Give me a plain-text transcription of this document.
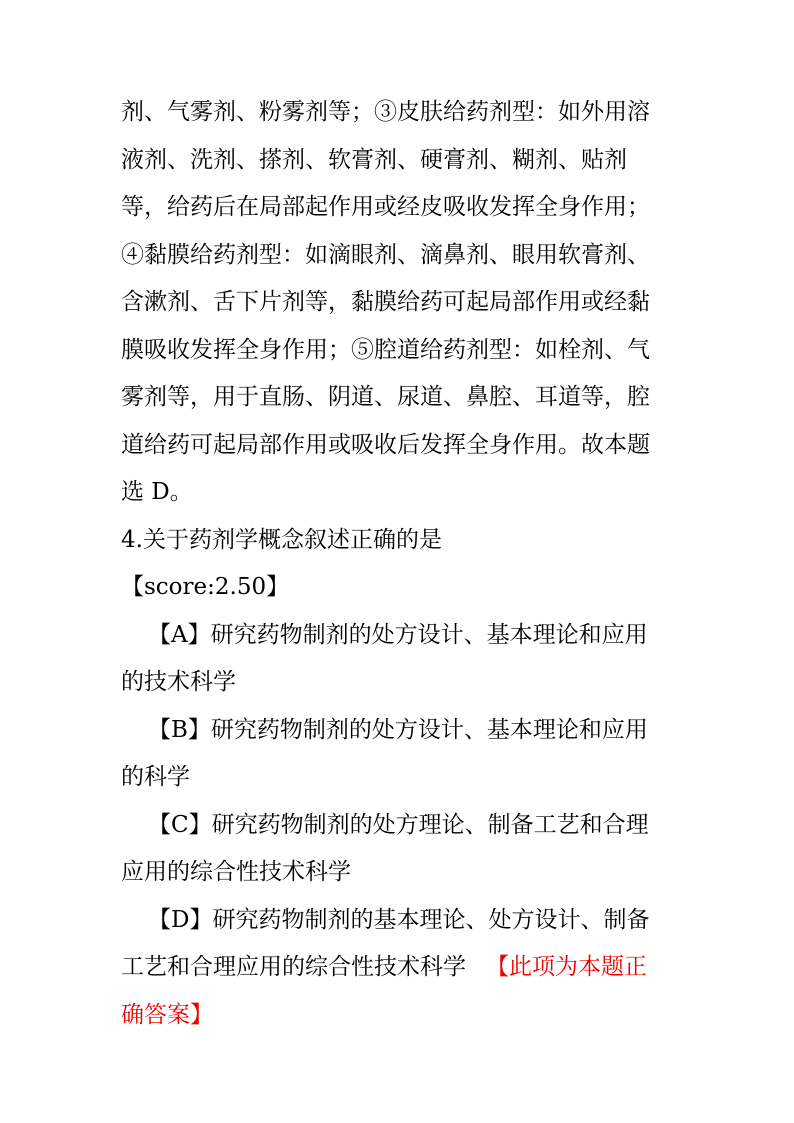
剂、气雾剂、粉雾剂等；③皮肤给药剂型：如外用溶
液剂、洗剂、搽剂、软膏剂、硬膏剂、糊剂、贴剂
等，给药后在局部起作用或经皮吸收发挥全身作用；
④黏膜给药剂型：如滴眼剂、滴鼻剂、眼用软膏剂、
含漱剂、舌下片剂等，黏膜给药可起局部作用或经黏
膜吸收发挥全身作用；⑤腔道给药剂型：如栓剂、气
雾剂等，用于直肠、阴道、尿道、鼻腔、耳道等，腔
道给药可起局部作用或吸收后发挥全身作用。故本题
选 D。
4.关于药剂学概念叙述正确的是
【score:2.50】
【A】研究药物制剂的处方设计、基本理论和应用
的技术科学
【B】研究药物制剂的处方设计、基本理论和应用
的科学
【C】研究药物制剂的处方理论、制备工艺和合理
应用的综合性技术科学
【D】研究药物制剂的基本理论、处方设计、制备
工艺和合理应用的综合性技术科学 【此项为本题正
确答案】
